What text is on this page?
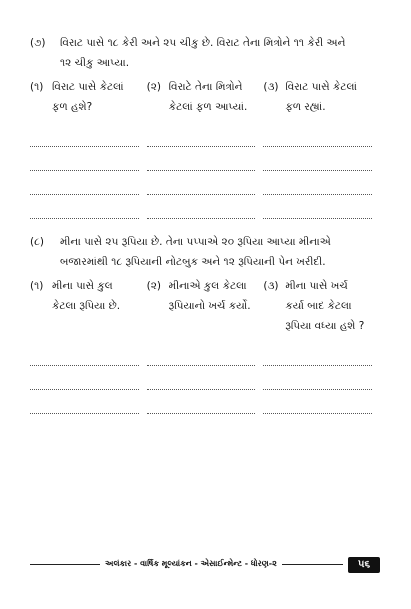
(૭)	વિરાટ પાસે ૧૮ કેરી અને ૨૫ ચીકુ છે. વિરાટ તેના મિત્રોને ૧૧ કેરી અને
૧૨ ચીકુ આપ્યા.
(૧) વિરાટ પાસે કેટલાં
ફળ હશે?
(૨) વિરાટે તેના મિત્રોને
કેટલાં ફળ આપ્યાં.
(૩) વિરાટ પાસે કેટલાં
ફળ રહ્યાં.
(૮)	મીના પાસે ૨૫ રૂપિયા છે. તેના પપ્પાએ ૨૦ રૂપિયા આપ્યા મીનાએ
બજારમાંથી ૧૮ રૂપિયાની નોટબુક અને ૧૨ રૂપિયાની પેન ખરીદી.
(૧) મીના પાસે કુલ
કેટલા રૂપિયા છે.
(૨) મીનાએ કુલ કેટલા
રૂપિયાનો ખર્ચ કર્યો.
(૩) મીના પાસે ખર્ચ
કર્યા બાદ કેટલા
રૂપિયા વધ્યા હશે ?
અલંકાર - વાર્ષિક મૂલ્યાંકન - એસાઈન્મેન્ટ - ધોરણ-૨	૫૬
